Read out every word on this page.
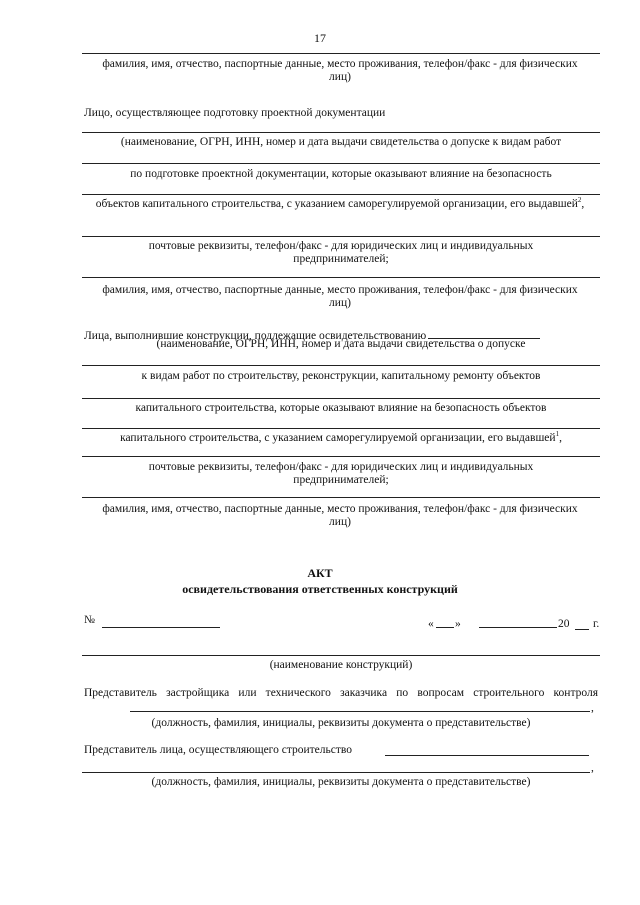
17
фамилия, имя, отчество, паспортные данные, место проживания, телефон/факс - для физических лиц)
Лицо, осуществляющее подготовку проектной документации
(наименование, ОГРН, ИНН, номер и дата выдачи свидетельства о допуске к видам работ
по подготовке проектной документации, которые оказывают влияние на безопасность
объектов капитального строительства, с указанием саморегулируемой организации, его выдавшей$^2$,
почтовые реквизиты, телефон/факс - для юридических лиц и индивидуальных предпринимателей;
фамилия, имя, отчество, паспортные данные, место проживания, телефон/факс - для физических лиц)
Лица, выполнившие конструкции, подлежащие освидетельствованию
(наименование, ОГРН, ИНН, номер и дата выдачи свидетельства о допуске
к видам работ по строительству, реконструкции, капитальному ремонту объектов
капитального строительства, которые оказывают влияние на безопасность объектов
капитального строительства, с указанием саморегулируемой организации, его выдавшей$^1$,
почтовые реквизиты, телефон/факс - для юридических лиц и индивидуальных предпринимателей;
фамилия, имя, отчество, паспортные данные, место проживания, телефон/факс - для физических лиц)
АКТ
освидетельствования ответственных конструкций
№	« »	20 г.
(наименование конструкций)
Представитель застройщика или технического заказчика по вопросам строительного контроля
,
(должность, фамилия, инициалы, реквизиты документа о представительстве)
Представитель лица, осуществляющего строительство
,
(должность, фамилия, инициалы, реквизиты документа о представительстве)
